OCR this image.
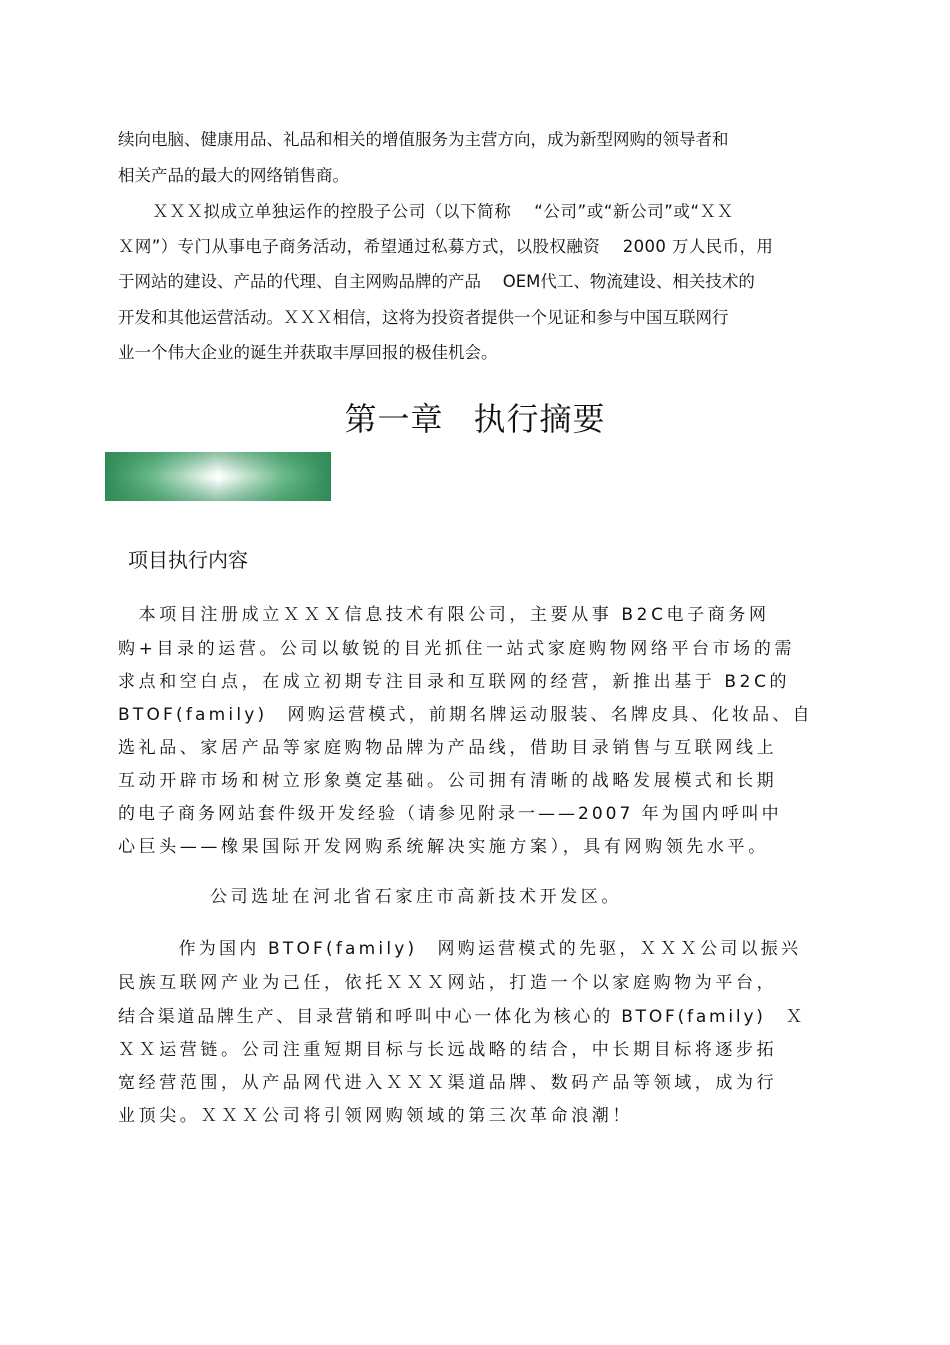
续向电脑、健康用品、礼品和相关的增值服务为主营方向，成为新型网购的领导者和
相关产品的最大的网络销售商。
　　ＸＸＸ拟成立单独运作的控股子公司（以下简称　 “公司”或“新公司”或“ＸＸ
Ｘ网”）专门从事电子商务活动，希望通过私募方式，以股权融资　 2000 万人民币，用
于网站的建设、产品的代理、自主网购品牌的产品　 OEM代工、物流建设、相关技术的
开发和其他运营活动。ＸＸＸ相信，这将为投资者提供一个见证和参与中国互联网行
业一个伟大企业的诞生并获取丰厚回报的极佳机会。
第一章 执行摘要
项目执行内容
　本项目注册成立ＸＸＸ信息技术有限公司，主要从事 B2C电子商务网
购+目录的运营。公司以敏锐的目光抓住一站式家庭购物网络平台市场的需
求点和空白点，在成立初期专注目录和互联网的经营，新推出基于 B2C的
BTOF(family)　网购运营模式，前期名牌运动服装、名牌皮具、化妆品、自
选礼品、家居产品等家庭购物品牌为产品线，借助目录销售与互联网线上
互动开辟市场和树立形象奠定基础。公司拥有清晰的战略发展模式和长期
的电子商务网站套件级开发经验（请参见附录一——2007 年为国内呼叫中
心巨头——橡果国际开发网购系统解决实施方案），具有网购领先水平。
公司选址在河北省石家庄市高新技术开发区。
　　　作为国内 BTOF(family)　网购运营模式的先驱，ＸＸＸ公司以振兴
民族互联网产业为己任，依托ＸＸＸ网站，打造一个以家庭购物为平台，
结合渠道品牌生产、目录营销和呼叫中心一体化为核心的 BTOF(family)　Ｘ
ＸＸ运营链。公司注重短期目标与长远战略的结合，中长期目标将逐步拓
宽经营范围，从产品网代进入ＸＸＸ渠道品牌、数码产品等领域，成为行
业顶尖。ＸＸＸ公司将引领网购领域的第三次革命浪潮！
